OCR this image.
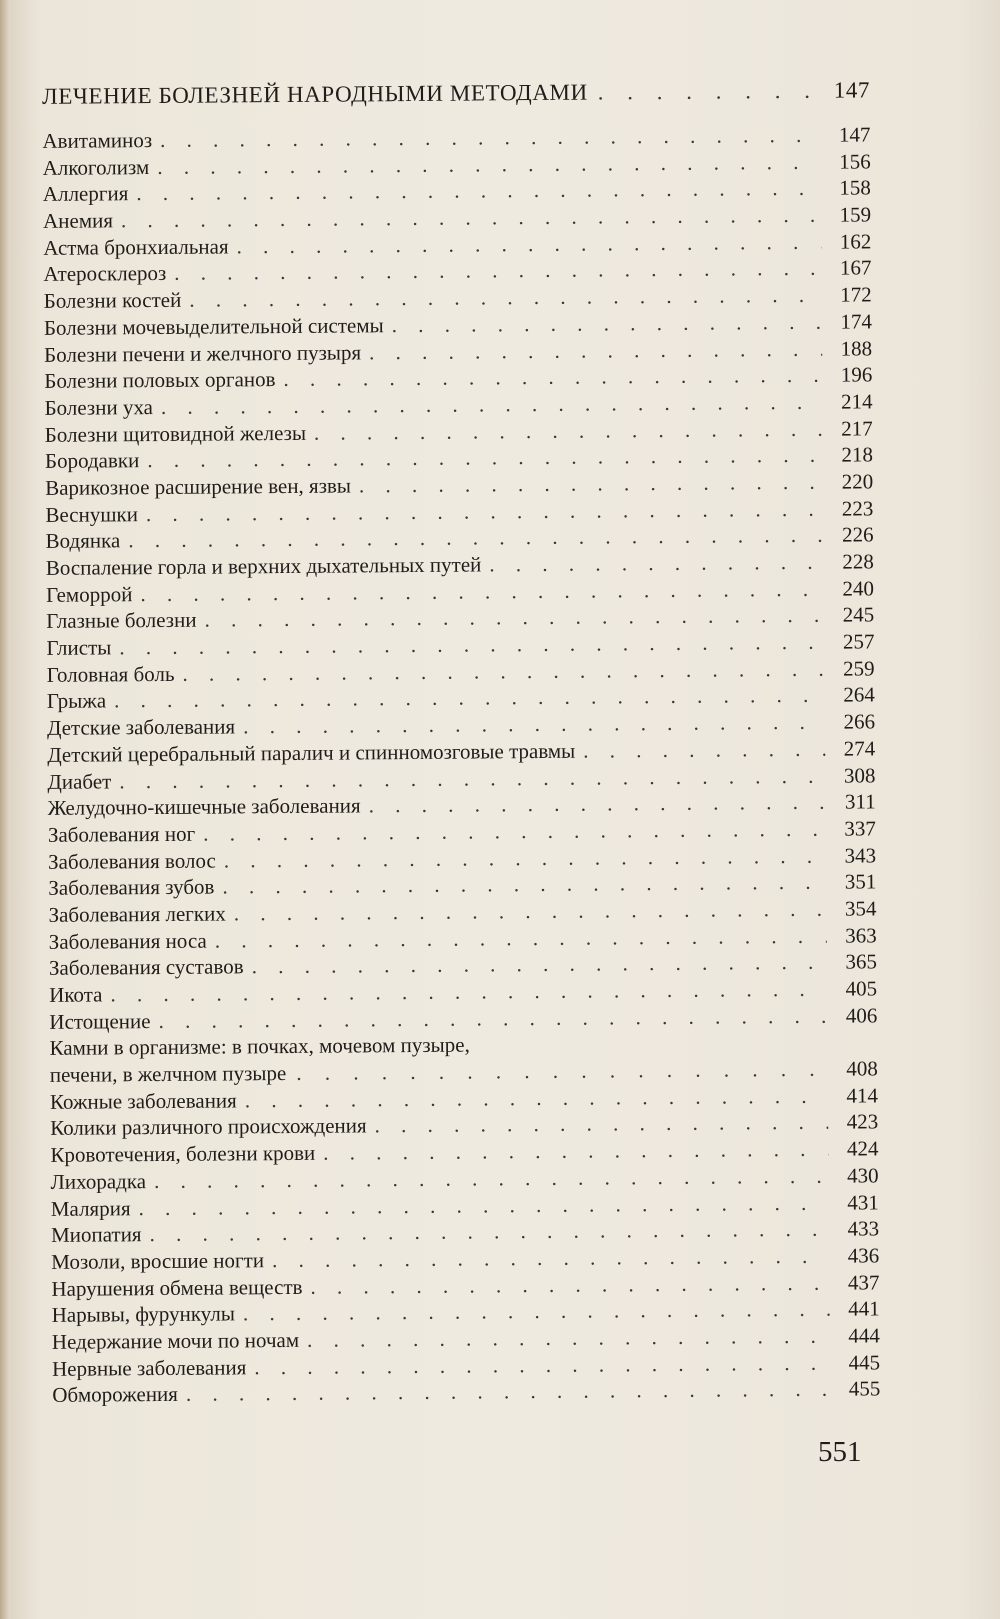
ЛЕЧЕНИЕ БОЛЕЗНЕЙ НАРОДНЫМИ МЕТОДАМИ . . .	147
Авитаминоз . . .	147
Алкоголизм . . .	156
Аллергия . . .	158
Анемия . . .	159
Астма бронхиальная . . .	162
Атеросклероз . . .	167
Болезни костей . . .	172
Болезни мочевыделительной системы . . .	174
Болезни печени и желчного пузыря . . .	188
Болезни половых органов . . .	196
Болезни уха . . .	214
Болезни щитовидной железы . . .	217
Бородавки . . .	218
Варикозное расширение вен, язвы . . .	220
Веснушки . . .	223
Водянка . . .	226
Воспаление горла и верхних дыхательных путей . . .	228
Геморрой . . .	240
Глазные болезни . . .	245
Глисты . . .	257
Головная боль . . .	259
Грыжа . . .	264
Детские заболевания . . .	266
Детский церебральный паралич и спинномозговые травмы . . .	274
Диабет . . .	308
Желудочно-кишечные заболевания . . .	311
Заболевания ног . . .	337
Заболевания волос . . .	343
Заболевания зубов . . .	351
Заболевания легких . . .	354
Заболевания носа . . .	363
Заболевания суставов . . .	365
Икота . . .	405
Истощение . . .	406
Камни в организме: в почках, мочевом пузыре,
печени, в желчном пузыре . . .	408
Кожные заболевания . . .	414
Колики различного происхождения . . .	423
Кровотечения, болезни крови . . .	424
Лихорадка . . .	430
Малярия . . .	431
Миопатия . . .	433
Мозоли, вросшие ногти . . .	436
Нарушения обмена веществ . . .	437
Нарывы, фурункулы . . .	441
Недержание мочи по ночам . . .	444
Нервные заболевания . . .	445
Обморожения . . .	455
551
